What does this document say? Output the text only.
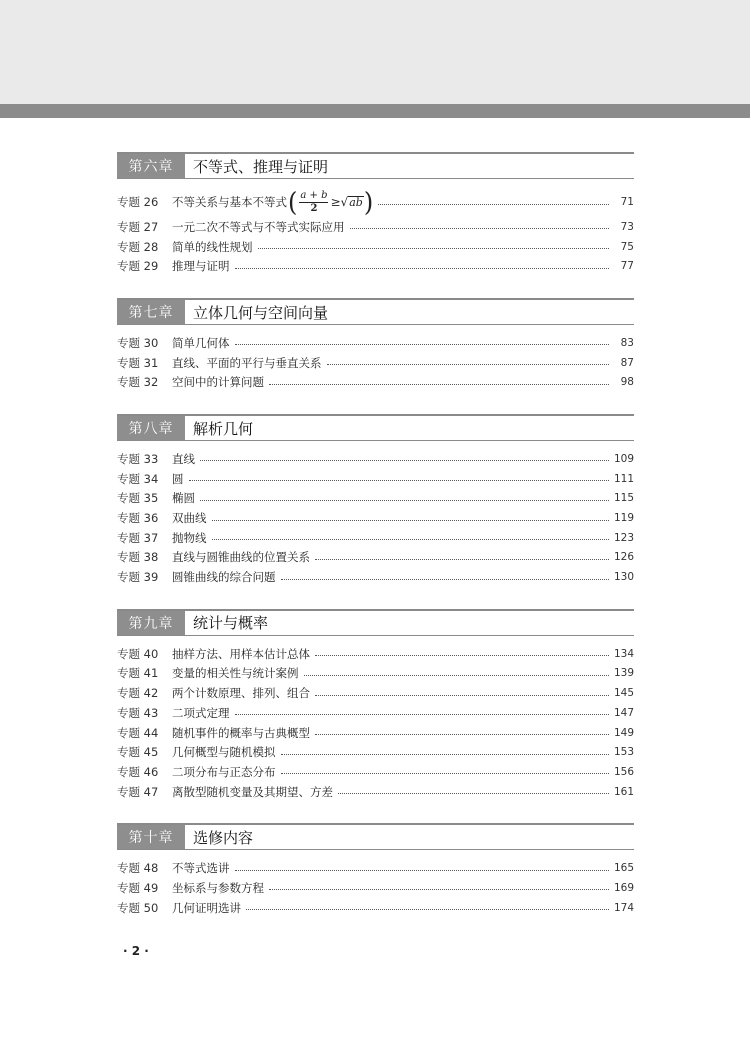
第六章	不等式、推理与证明
专题 26	不等关系与基本不等式 ( $\frac{a + b}{2}$ ≥ √ ab )	71
专题 27	一元二次不等式与不等式实际应用	73
专题 28	简单的线性规划	75
专题 29	推理与证明	77
第七章	立体几何与空间向量
专题 30	简单几何体	83
专题 31	直线、平面的平行与垂直关系	87
专题 32	空间中的计算问题	98
第八章	解析几何
专题 33	直线	109
专题 34	圆	111
专题 35	椭圆	115
专题 36	双曲线	119
专题 37	抛物线	123
专题 38	直线与圆锥曲线的位置关系	126
专题 39	圆锥曲线的综合问题	130
第九章	统计与概率
专题 40	抽样方法、用样本估计总体	134
专题 41	变量的相关性与统计案例	139
专题 42	两个计数原理、排列、组合	145
专题 43	二项式定理	147
专题 44	随机事件的概率与古典概型	149
专题 45	几何概型与随机模拟	153
专题 46	二项分布与正态分布	156
专题 47	离散型随机变量及其期望、方差	161
第十章	选修内容
专题 48	不等式选讲	165
专题 49	坐标系与参数方程	169
专题 50	几何证明选讲	174
· 2 ·
